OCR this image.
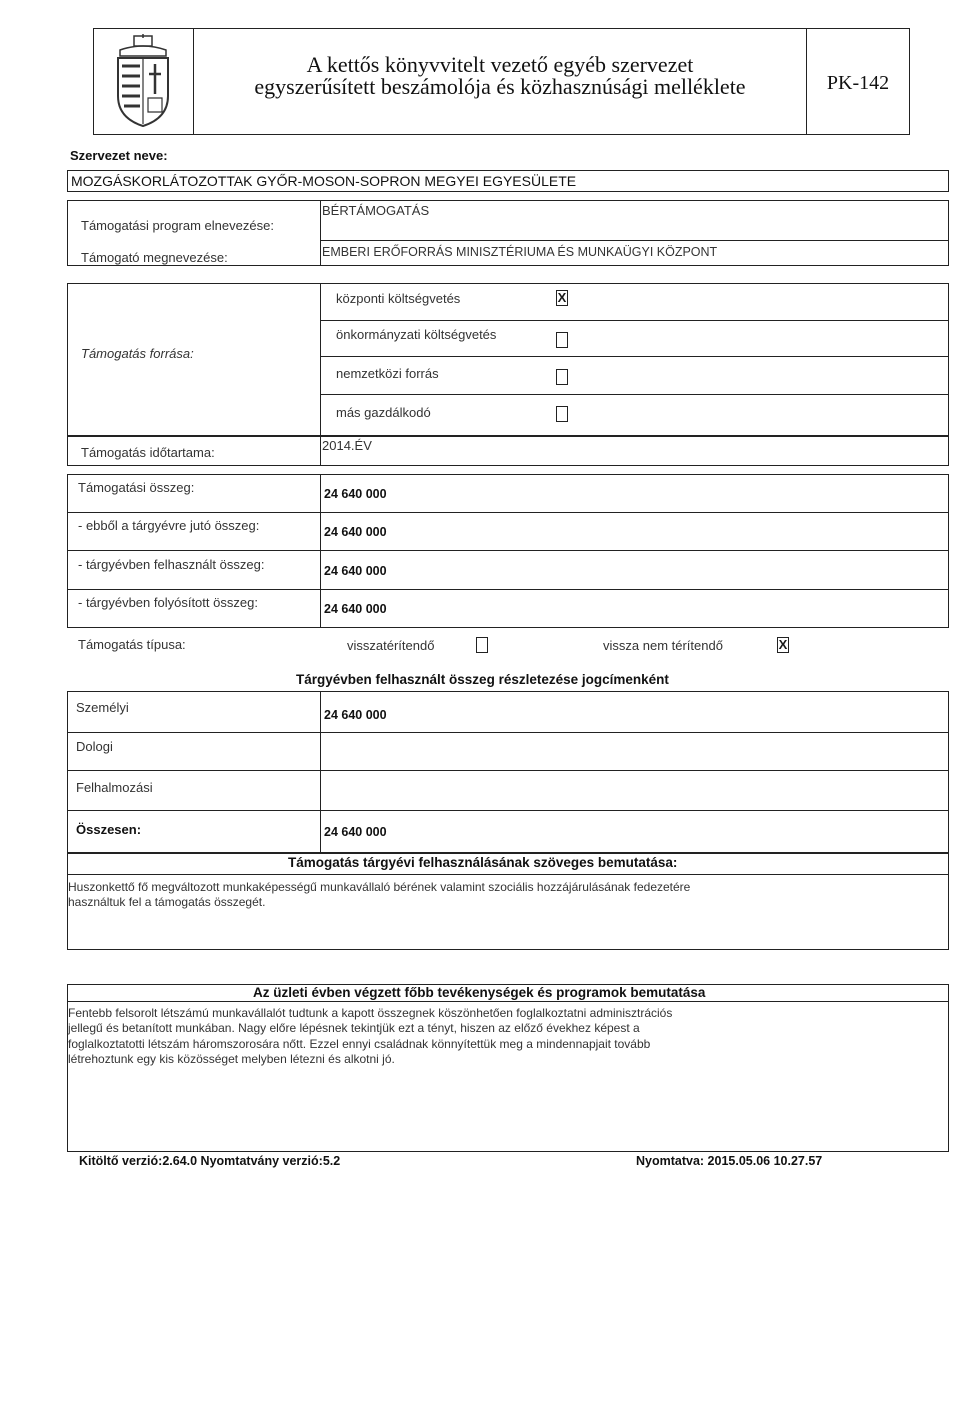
A kettős könyvvitelt vezető egyéb szervezet
egyszerűsített beszámolója és közhasznúsági melléklete	PK-142
Szervezet neve:
MOZGÁSKORLÁTOZOTTAK GYŐR-MOSON-SOPRON MEGYEI EGYESÜLETE
Támogatási program elnevezése:
BÉRTÁMOGATÁS
Támogató megnevezése:	EMBERI ERŐFORRÁS MINISZTÉRIUMA ÉS MUNKAÜGYI KÖZPONT
Támogatás forrása:
központi költségvetés	X
önkormányzati költségvetés
nemzetközi forrás
más gazdálkodó
Támogatás időtartama:	2014.ÉV
Támogatási összeg:	24 640 000
- ebből a tárgyévre jutó összeg:	24 640 000
- tárgyévben felhasznált összeg:	24 640 000
- tárgyévben folyósított összeg:	24 640 000
Támogatás típusa:	visszatérítendő	vissza nem térítendő	X
Tárgyévben felhasznált összeg részletezése jogcímenként
Személyi	24 640 000
Dologi
Felhalmozási
Összesen:	24 640 000
Támogatás tárgyévi felhasználásának szöveges bemutatása:
Huszonkettő fő megváltozott munkaképességű munkavállaló bérének valamint szociális hozzájárulásának fedezetére
használtuk fel a támogatás összegét.
Az üzleti évben végzett főbb tevékenységek és programok bemutatása
Fentebb felsorolt létszámú munkavállalót tudtunk a kapott összegnek köszönhetően foglalkoztatni adminisztrációs
jellegű és betanított munkában. Nagy előre lépésnek tekintjük ezt a tényt, hiszen az előző évekhez képest a
foglalkoztatotti létszám háromszorosára nőtt. Ezzel ennyi családnak könnyítettük meg a mindennapjait tovább
létrehoztunk egy kis közösséget melyben létezni és alkotni jó.
Kitöltő verzió:2.64.0 Nyomtatvány verzió:5.2	Nyomtatva: 2015.05.06 10.27.57
